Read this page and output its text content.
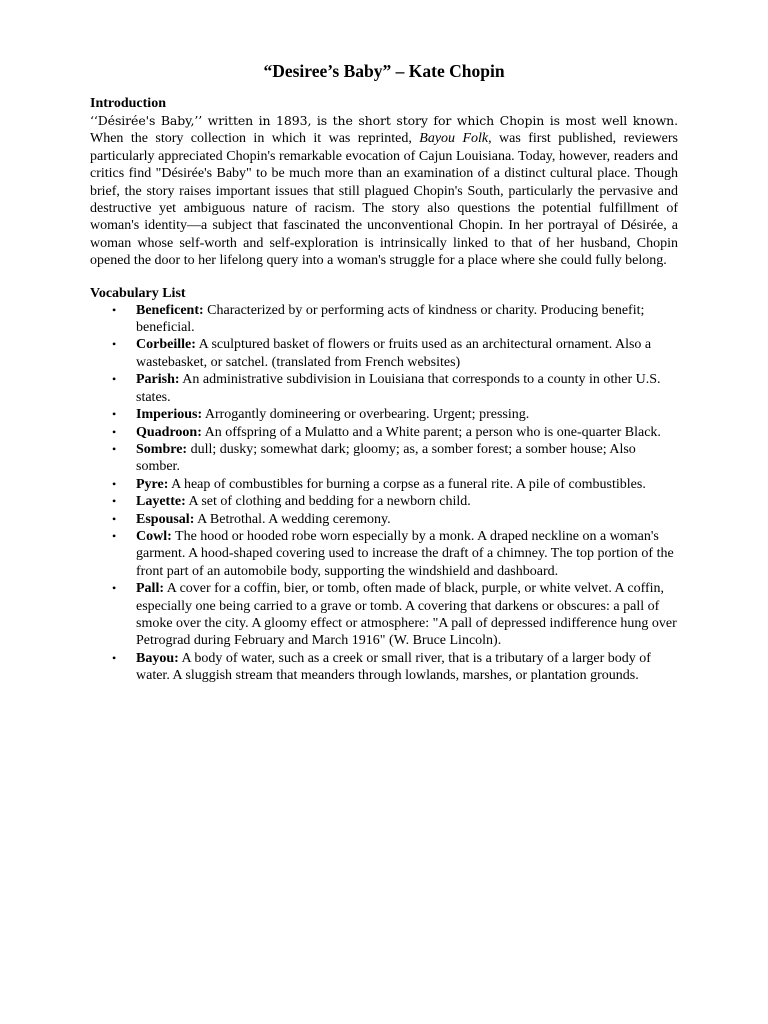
“Desiree’s Baby” – Kate Chopin

Introduction

‘‘Désirée's Baby,’’ written in 1893, is the short story for which Chopin is most well known. When the story collection in which it was reprinted, Bayou Folk, was first published, reviewers particularly appreciated Chopin's remarkable evocation of Cajun Louisiana. Today, however, readers and critics find "Désirée's Baby" to be much more than an examination of a distinct cultural place. Though brief, the story raises important issues that still plagued Chopin's South, particularly the pervasive and destructive yet ambiguous nature of racism. The story also questions the potential fulfillment of woman's identity—a subject that fascinated the unconventional Chopin. In her portrayal of Désirée, a woman whose self-worth and self-exploration is intrinsically linked to that of her husband, Chopin opened the door to her lifelong query into a woman's struggle for a place where she could fully belong.

Vocabulary List

• Beneficent: Characterized by or performing acts of kindness or charity. Producing benefit; beneficial.
• Corbeille: A sculptured basket of flowers or fruits used as an architectural ornament. Also a wastebasket, or satchel. (translated from French websites)
• Parish: An administrative subdivision in Louisiana that corresponds to a county in other U.S. states.
• Imperious: Arrogantly domineering or overbearing. Urgent; pressing.
• Quadroon: An offspring of a Mulatto and a White parent; a person who is one-quarter Black.
• Sombre: dull; dusky; somewhat dark; gloomy; as, a somber forest; a somber house; Also somber.
• Pyre: A heap of combustibles for burning a corpse as a funeral rite. A pile of combustibles.
• Layette: A set of clothing and bedding for a newborn child.
• Espousal: A Betrothal. A wedding ceremony.
• Cowl: The hood or hooded robe worn especially by a monk. A draped neckline on a woman's garment. A hood-shaped covering used to increase the draft of a chimney. The top portion of the front part of an automobile body, supporting the windshield and dashboard.
• Pall: A cover for a coffin, bier, or tomb, often made of black, purple, or white velvet. A coffin, especially one being carried to a grave or tomb. A covering that darkens or obscures: a pall of smoke over the city. A gloomy effect or atmosphere: "A pall of depressed indifference hung over Petrograd during February and March 1916" (W. Bruce Lincoln).
• Bayou: A body of water, such as a creek or small river, that is a tributary of a larger body of water. A sluggish stream that meanders through lowlands, marshes, or plantation grounds.
